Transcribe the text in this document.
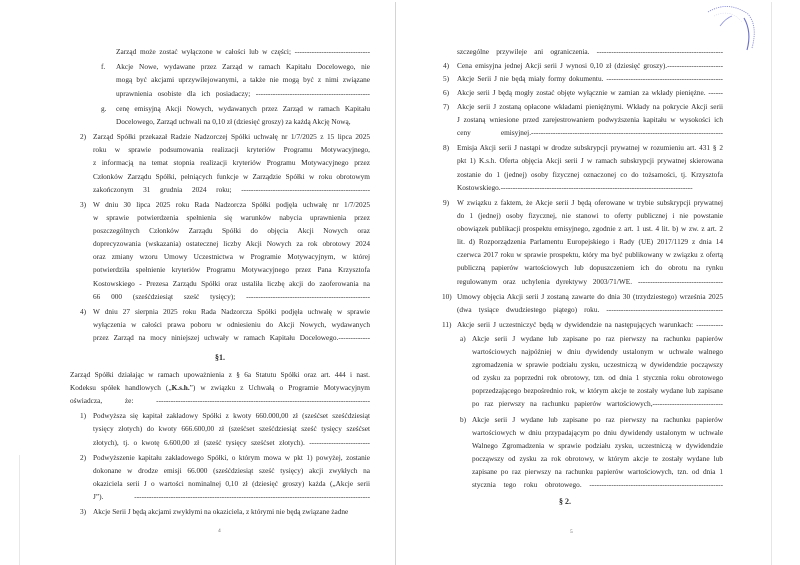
Zarząd może zostać wyłączone w całości lub w części; -------------------------------
f. Akcje Nowe, wydawane przez Zarząd w ramach Kapitału Docelowego, nie
mogą być akcjami uprzywilejowanymi, a także nie mogą być z nimi związane
uprawnienia osobiste dla ich posiadaczy; -----------------------------------------------
g. cenę emisyjną Akcji Nowych, wydawanych przez Zarząd w ramach Kapitału
Docelowego, Zarząd uchwali na 0,10 zł (dziesięć groszy) za każdą Akcję Nową,
2) Zarząd Spółki przekazał Radzie Nadzorczej Spółki uchwałę nr 1/7/2025 z 15 lipca 2025
roku w sprawie podsumowania realizacji kryteriów Programu Motywacyjnego,
z informacją na temat stopnia realizacji kryteriów Programu Motywacyjnego przez
Członków Zarządu Spółki, pełniących funkcje w Zarządzie Spółki w roku obrotowym
zakończonym 31 grudnia 2024 roku; -----------------------------------------------------
3) W dniu 30 lipca 2025 roku Rada Nadzorcza Spółki podjęła uchwałę nr 1/7/2025
w sprawie potwierdzenia spełnienia się warunków nabycia uprawnienia przez
poszczególnych Członków Zarządu Spółki do objęcia Akcji Nowych oraz
doprecyzowania (wskazania) ostatecznej liczby Akcji Nowych za rok obrotowy 2024
oraz zmiany wzoru Umowy Uczestnictwa w Programie Motywacyjnym, w której
potwierdziła spełnienie kryteriów Programu Motywacyjnego przez Pana Krzysztofa
Kostowskiego - Prezesa Zarządu Spółki oraz ustaliła liczbę akcji do zaoferowania na
66 000 (sześćdziesiąt sześć tysięcy); ---------------------------------------------------
4) W dniu 27 sierpnia 2025 roku Rada Nadzorcza Spółki podjęła uchwałę w sprawie
wyłączenia w całości prawa poboru w odniesieniu do Akcji Nowych, wydawanych
przez Zarząd na mocy niniejszej uchwały w ramach Kapitału Docelowego.-------------
§1.
Zarząd Spółki działając w ramach upoważnienia z § 6a Statutu Spółki oraz art. 444 i nast.
Kodeksu spółek handlowych („K.s.h.”) w związku z Uchwałą o Programie Motywacyjnym
oświadcza, że: ----------------------------------------------------------------------------------------
1) Podwyższa się kapitał zakładowy Spółki z kwoty 660.000,00 zł (sześćset sześćdziesiąt
tysięcy złotych) do kwoty 666.600,00 zł (sześćset sześćdziesiąt sześć tysięcy sześćset
złotych), tj. o kwotę 6.600,00 zł (sześć tysięcy sześćset złotych). -------------------------
2) Podwyższenie kapitału zakładowego Spółki, o którym mowa w pkt 1) powyżej, zostanie
dokonane w drodze emisji 66.000 (sześćdziesiąt sześć tysięcy) akcji zwykłych na
okaziciela serii J o wartości nominalnej 0,10 zł (dziesięć groszy) każda („Akcje serii
J”). -------------------------------------------------------------------------------------------------
3) Akcje Serii J będą akcjami zwykłymi na okaziciela, z którymi nie będą związane żadne
4
szczególne przywileje ani ograniczenia. ----------------------------------------------------
4) Cena emisyjna jednej Akcji serii J wynosi 0,10 zł (dziesięć groszy).-----------------------
5) Akcje Serii J nie będą miały formy dokumentu. ------------------------------------------------
6) Akcje serii J będą mogły zostać objęte wyłącznie w zamian za wkłady pieniężne. ------
7) Akcje serii J zostaną opłacone wkładami pieniężnymi. Wkłady na pokrycie Akcji serii
J zostaną wniesione przed zarejestrowaniem podwyższenia kapitału w wysokości ich
ceny emisyjnej.-------------------------------------------------------------------------------
8) Emisja Akcji serii J nastąpi w drodze subskrypcji prywatnej w rozumieniu art. 431 § 2
pkt 1) K.s.h. Oferta objęcia Akcji serii J w ramach subskrypcji prywatnej skierowana
zostanie do 1 (jednej) osoby fizycznej oznaczonej co do tożsamości, tj. Krzysztofa
Kostowskiego.-------------------------------------------------------------------------------
9) W związku z faktem, że Akcje serii J będą oferowane w trybie subskrypcji prywatnej
do 1 (jednej) osoby fizycznej, nie stanowi to oferty publicznej i nie powstanie
obowiązek publikacji prospektu emisyjnego, zgodnie z art. 1 ust. 4 lit. b) w zw. z art. 2
lit. d) Rozporządzenia Parlamentu Europejskiego i Rady (UE) 2017/1129 z dnia 14
czerwca 2017 roku w sprawie prospektu, który ma być publikowany w związku z ofertą
publiczną papierów wartościowych lub dopuszczeniem ich do obrotu na rynku
regulowanym oraz uchylenia dyrektywy 2003/71/WE. -----------------------------------
10) Umowy objęcia Akcji serii J zostaną zawarte do dnia 30 (trzydziestego) września 2025
(dwa tysiące dwudziestego piątego) roku. ------------------------------------------------
11) Akcje serii J uczestniczyć będą w dywidendzie na następujących warunkach: -----------
a) Akcje serii J wydane lub zapisane po raz pierwszy na rachunku papierów
wartościowych najpóźniej w dniu dywidendy ustalonym w uchwale walnego
zgromadzenia w sprawie podziału zysku, uczestniczą w dywidendzie począwszy
od zysku za poprzedni rok obrotowy, tzn. od dnia 1 stycznia roku obrotowego
poprzedzającego bezpośrednio rok, w którym akcje te zostały wydane lub zapisane
po raz pierwszy na rachunku papierów wartościowych,-----------------------------
b) Akcje serii J wydane lub zapisane po raz pierwszy na rachunku papierów
wartościowych w dniu przypadającym po dniu dywidendy ustalonym w uchwale
Walnego Zgromadzenia w sprawie podziału zysku, uczestniczą w dywidendzie
począwszy od zysku za rok obrotowy, w którym akcje te zostały wydane lub
zapisane po raz pierwszy na rachunku papierów wartościowych, tzn. od dnia 1
stycznia tego roku obrotowego. -------------------------------------------------------
§ 2.
5
